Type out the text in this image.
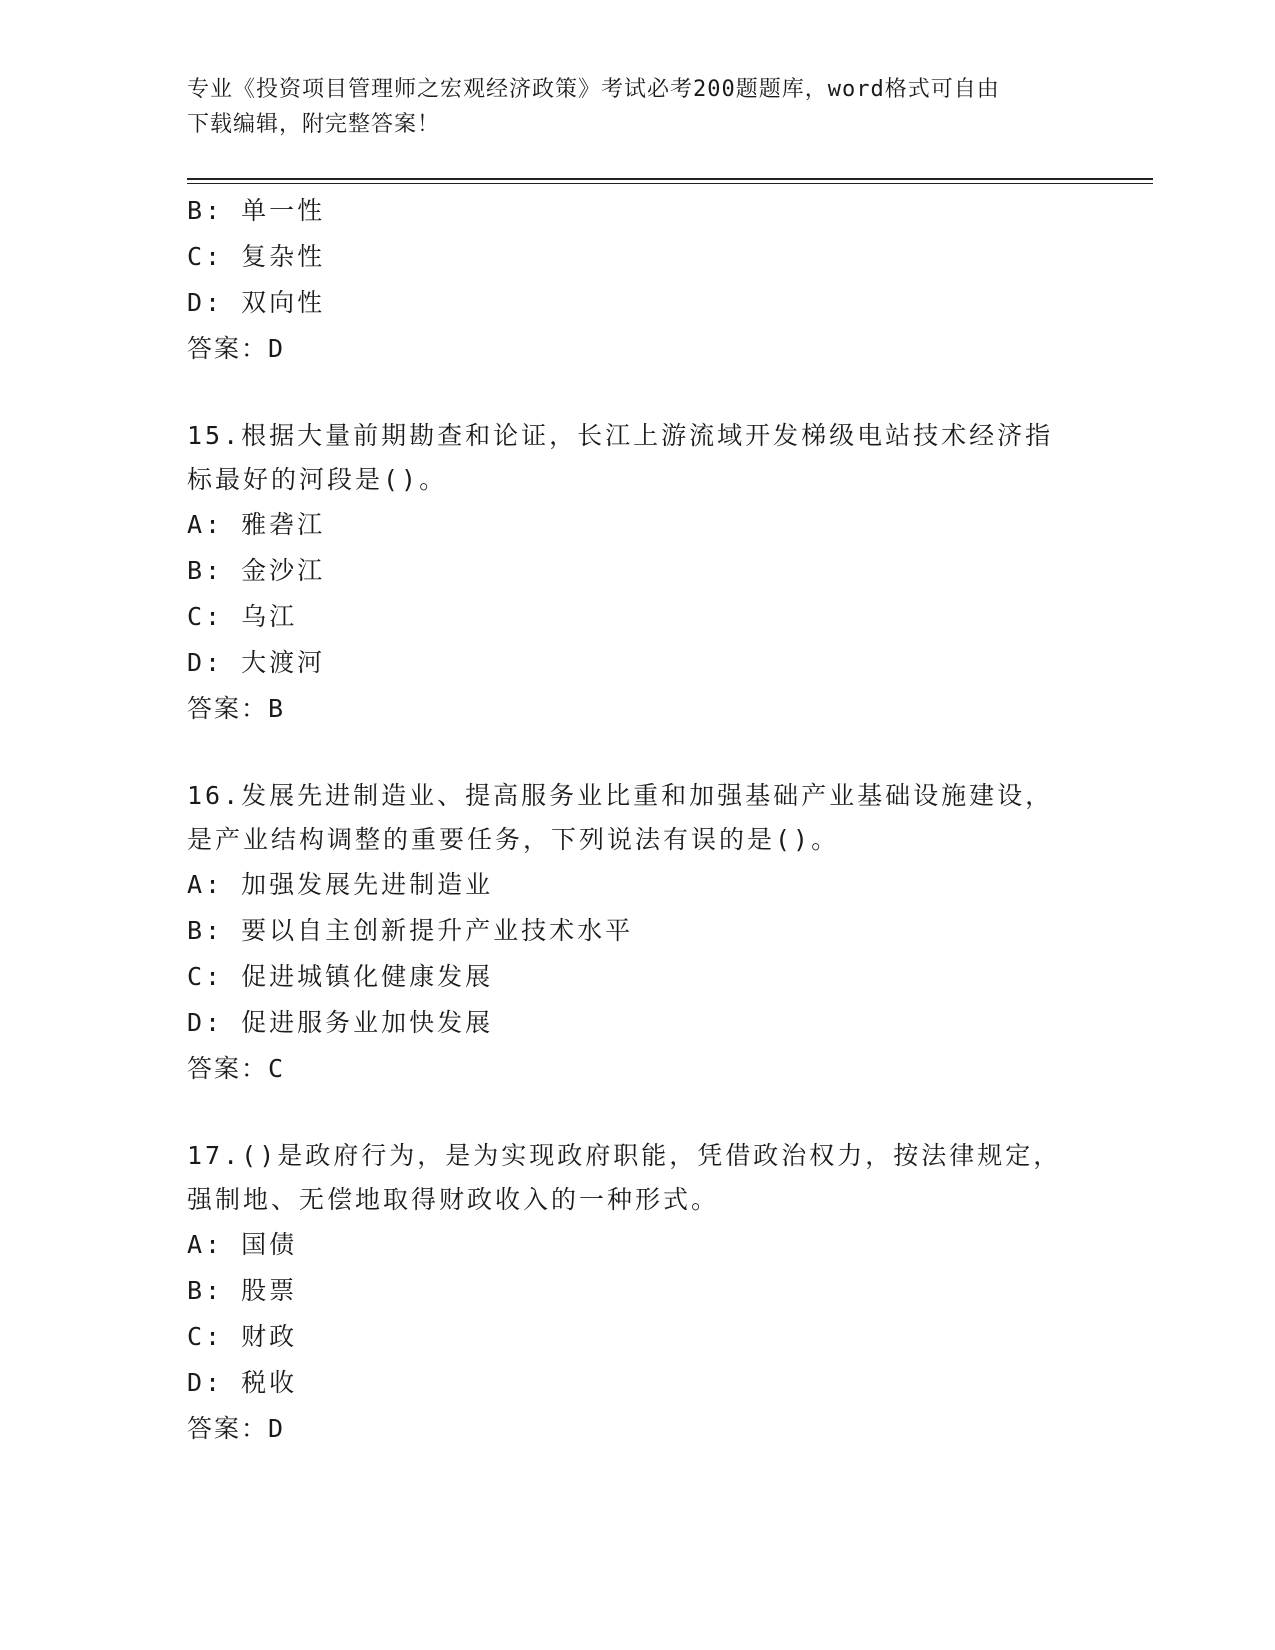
专业《投资项目管理师之宏观经济政策》考试必考200题题库，word格式可自由
下载编辑，附完整答案！
B: 单一性
C: 复杂性
D: 双向性
答案：D
15.根据大量前期勘查和论证，长江上游流域开发梯级电站技术经济指
标最好的河段是()。
A: 雅砻江
B: 金沙江
C: 乌江
D: 大渡河
答案：B
16.发展先进制造业、提高服务业比重和加强基础产业基础设施建设，
是产业结构调整的重要任务，下列说法有误的是()。
A: 加强发展先进制造业
B: 要以自主创新提升产业技术水平
C: 促进城镇化健康发展
D: 促进服务业加快发展
答案：C
17.()是政府行为，是为实现政府职能，凭借政治权力，按法律规定，
强制地、无偿地取得财政收入的一种形式。
A: 国债
B: 股票
C: 财政
D: 税收
答案：D
